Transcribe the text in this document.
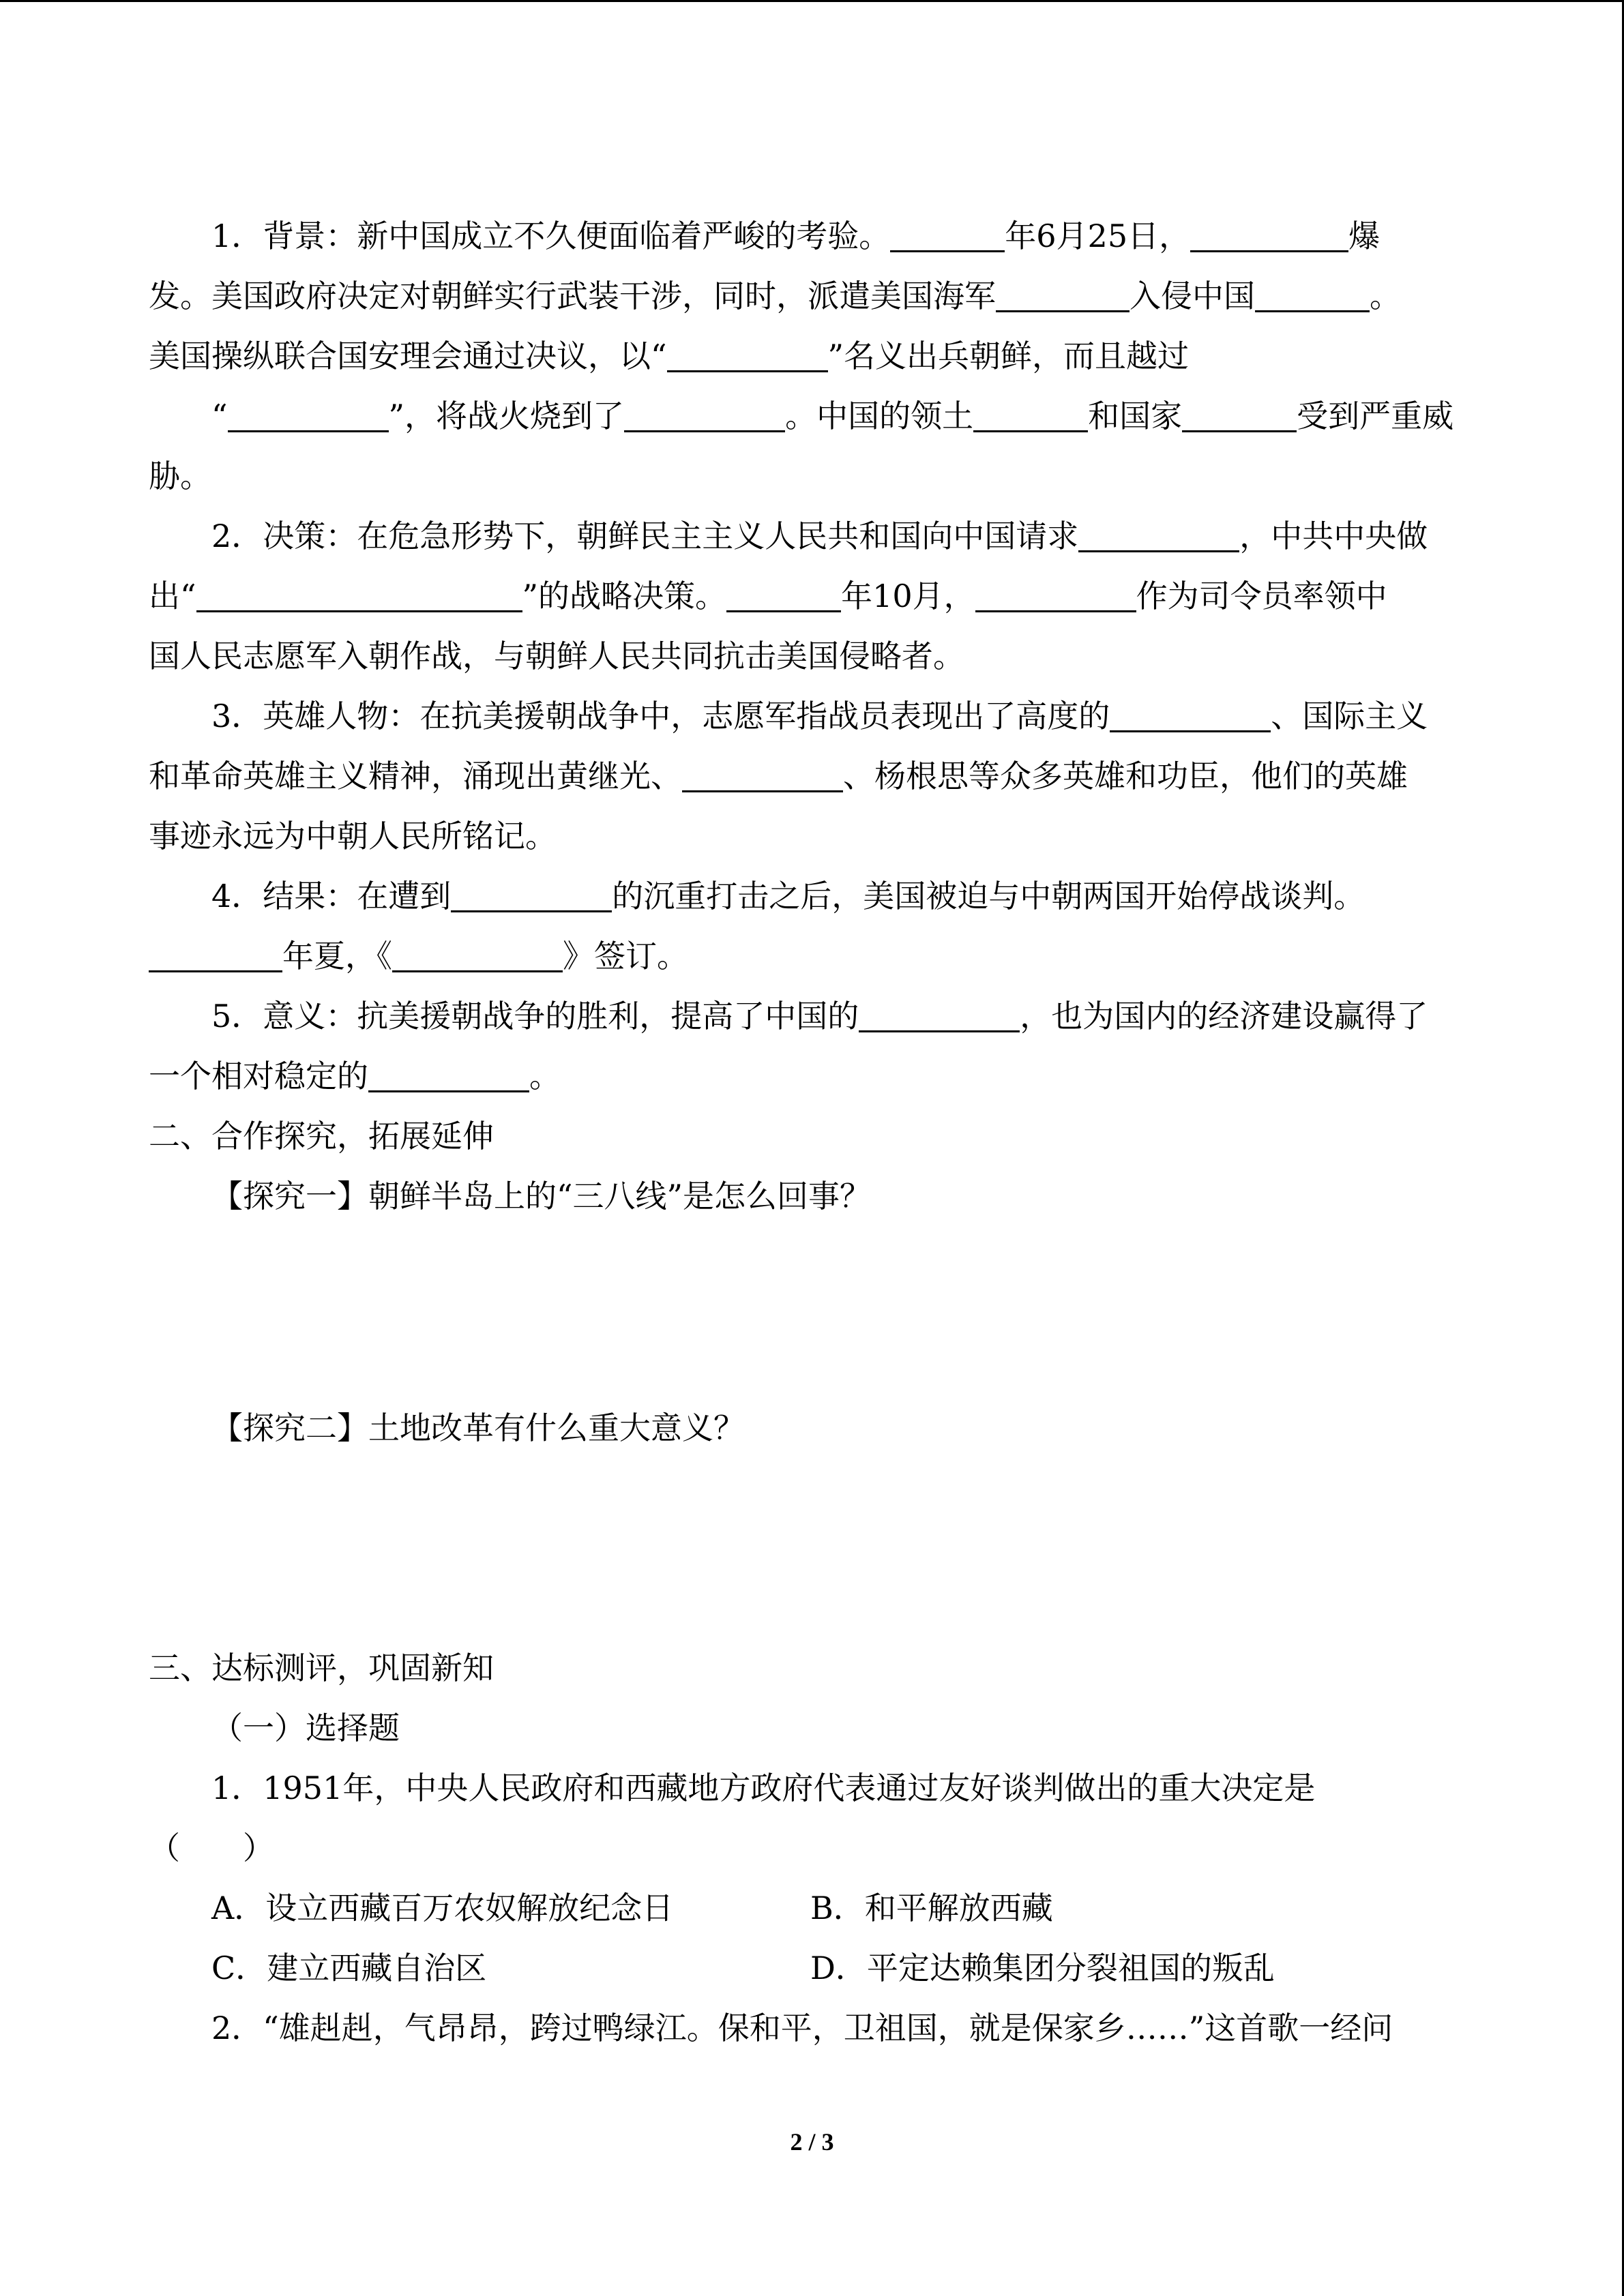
1．背景：新中国成立不久便面临着严峻的考验。	年6月25日，	爆

发。美国政府决定对朝鲜实行武装干涉，同时，派遣美国海军	入侵中国	。

美国操纵联合国安理会通过决议，以“	”名义出兵朝鲜，而且越过

“	”，将战火烧到了	。中国的领土	和国家	受到严重威

胁。

2．决策：在危急形势下，朝鲜民主主义人民共和国向中国请求	，中共中央做

出“	”的战略决策。	年10月，	作为司令员率领中

国人民志愿军入朝作战，与朝鲜人民共同抗击美国侵略者。

3．英雄人物：在抗美援朝战争中，志愿军指战员表现出了高度的	、国际主义

和革命英雄主义精神，涌现出黄继光、	、杨根思等众多英雄和功臣，他们的英雄

事迹永远为中朝人民所铭记。

4．结果：在遭到	的沉重打击之后，美国被迫与中朝两国开始停战谈判。

年夏，《	》签订。

5．意义：抗美援朝战争的胜利，提高了中国的	，也为国内的经济建设赢得了

一个相对稳定的	。

二、合作探究，拓展延伸

【探究一】朝鲜半岛上的“三八线”是怎么回事？

【探究二】土地改革有什么重大意义？

三、达标测评，巩固新知

（一）选择题

1．1951年，中央人民政府和西藏地方政府代表通过友好谈判做出的重大决定是

（　　）

A．设立西藏百万农奴解放纪念日	B．和平解放西藏
C．建立西藏自治区	D．平定达赖集团分裂祖国的叛乱

2．“雄赳赳，气昂昂，跨过鸭绿江。保和平，卫祖国，就是保家乡……”这首歌一经问

2 / 3
